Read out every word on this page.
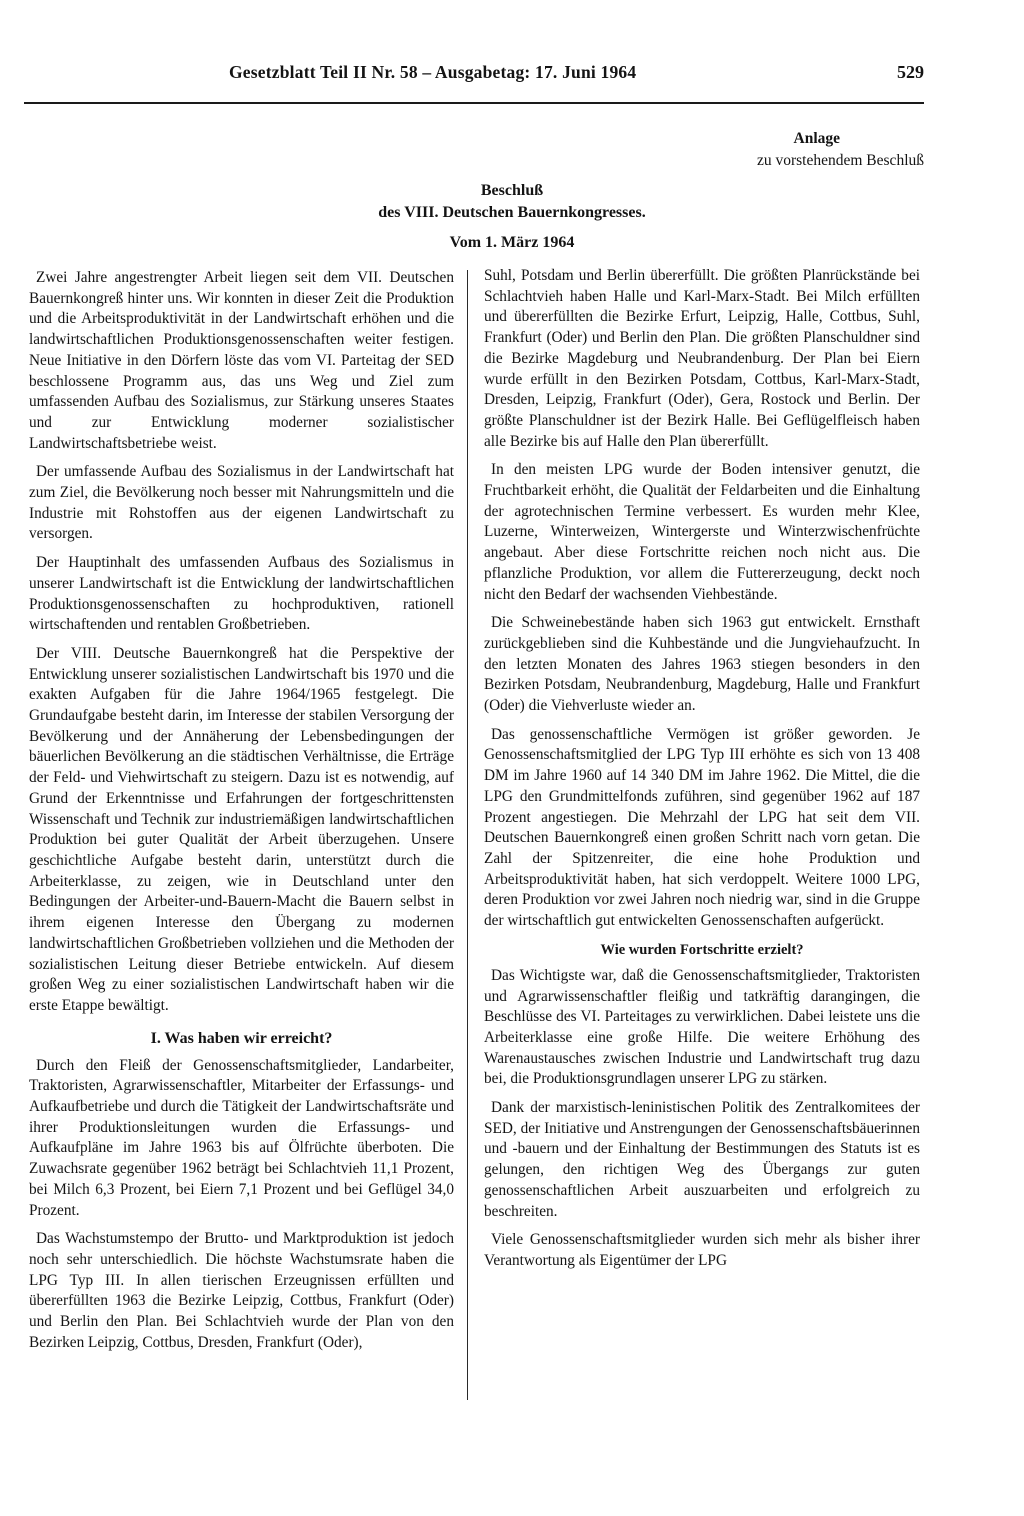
Gesetzblatt Teil II Nr. 58 – Ausgabetag: 17. Juni 1964	529
Anlage
zu vorstehendem Beschluß
Beschluß
des VIII. Deutschen Bauernkongresses.
Vom 1. März 1964

Zwei Jahre angestrengter Arbeit liegen seit dem VII. Deutschen Bauernkongreß hinter uns. Wir konnten in dieser Zeit die Produktion und die Arbeitsproduktivität in der Landwirtschaft erhöhen und die landwirtschaftlichen Produktionsgenossenschaften weiter festigen. Neue Initiative in den Dörfern löste das vom VI. Parteitag der SED beschlossene Programm aus, das uns Weg und Ziel zum umfassenden Aufbau des Sozialismus, zur Stärkung unseres Staates und zur Entwicklung moderner sozialistischer Landwirtschaftsbetriebe weist.

Der umfassende Aufbau des Sozialismus in der Landwirtschaft hat zum Ziel, die Bevölkerung noch besser mit Nahrungsmitteln und die Industrie mit Rohstoffen aus der eigenen Landwirtschaft zu versorgen.

Der Hauptinhalt des umfassenden Aufbaus des Sozialismus in unserer Landwirtschaft ist die Entwicklung der landwirtschaftlichen Produktionsgenossenschaften zu hochproduktiven, rationell wirtschaftenden und rentablen Großbetrieben.

Der VIII. Deutsche Bauernkongreß hat die Perspektive der Entwicklung unserer sozialistischen Landwirtschaft bis 1970 und die exakten Aufgaben für die Jahre 1964/1965 festgelegt. Die Grundaufgabe besteht darin, im Interesse der stabilen Versorgung der Bevölkerung und der Annäherung der Lebensbedingungen der bäuerlichen Bevölkerung an die städtischen Verhältnisse, die Erträge der Feld- und Viehwirtschaft zu steigern. Dazu ist es notwendig, auf Grund der Erkenntnisse und Erfahrungen der fortgeschrittensten Wissenschaft und Technik zur industriemäßigen landwirtschaftlichen Produktion bei guter Qualität der Arbeit überzugehen. Unsere geschichtliche Aufgabe besteht darin, unterstützt durch die Arbeiterklasse, zu zeigen, wie in Deutschland unter den Bedingungen der Arbeiter-und-Bauern-Macht die Bauern selbst in ihrem eigenen Interesse den Übergang zu modernen landwirtschaftlichen Großbetrieben vollziehen und die Methoden der sozialistischen Leitung dieser Betriebe entwickeln. Auf diesem großen Weg zu einer sozialistischen Landwirtschaft haben wir die erste Etappe bewältigt.

I. Was haben wir erreicht?

Durch den Fleiß der Genossenschaftsmitglieder, Landarbeiter, Traktoristen, Agrarwissenschaftler, Mitarbeiter der Erfassungs- und Aufkaufbetriebe und durch die Tätigkeit der Landwirtschaftsräte und ihrer Produktionsleitungen wurden die Erfassungs- und Aufkaufpläne im Jahre 1963 bis auf Ölfrüchte überboten. Die Zuwachsrate gegenüber 1962 beträgt bei Schlachtvieh 11,1 Prozent, bei Milch 6,3 Prozent, bei Eiern 7,1 Prozent und bei Geflügel 34,0 Prozent.

Das Wachstumstempo der Brutto- und Marktproduktion ist jedoch noch sehr unterschiedlich. Die höchste Wachstumsrate haben die LPG Typ III. In allen tierischen Erzeugnissen erfüllten und übererfüllten 1963 die Bezirke Leipzig, Cottbus, Frankfurt (Oder) und Berlin den Plan. Bei Schlachtvieh wurde der Plan von den Bezirken Leipzig, Cottbus, Dresden, Frankfurt (Oder),

Suhl, Potsdam und Berlin übererfüllt. Die größten Planrückstände bei Schlachtvieh haben Halle und Karl-Marx-Stadt. Bei Milch erfüllten und übererfüllten die Bezirke Erfurt, Leipzig, Halle, Cottbus, Suhl, Frankfurt (Oder) und Berlin den Plan. Die größten Planschuldner sind die Bezirke Magdeburg und Neubrandenburg. Der Plan bei Eiern wurde erfüllt in den Bezirken Potsdam, Cottbus, Karl-Marx-Stadt, Dresden, Leipzig, Frankfurt (Oder), Gera, Rostock und Berlin. Der größte Planschuldner ist der Bezirk Halle. Bei Geflügelfleisch haben alle Bezirke bis auf Halle den Plan übererfüllt.

In den meisten LPG wurde der Boden intensiver genutzt, die Fruchtbarkeit erhöht, die Qualität der Feldarbeiten und die Einhaltung der agrotechnischen Termine verbessert. Es wurden mehr Klee, Luzerne, Winterweizen, Wintergerste und Winterzwischenfrüchte angebaut. Aber diese Fortschritte reichen noch nicht aus. Die pflanzliche Produktion, vor allem die Futtererzeugung, deckt noch nicht den Bedarf der wachsenden Viehbestände.

Die Schweinebestände haben sich 1963 gut entwickelt. Ernsthaft zurückgeblieben sind die Kuhbestände und die Jungviehaufzucht. In den letzten Monaten des Jahres 1963 stiegen besonders in den Bezirken Potsdam, Neubrandenburg, Magdeburg, Halle und Frankfurt (Oder) die Viehverluste wieder an.

Das genossenschaftliche Vermögen ist größer geworden. Je Genossenschaftsmitglied der LPG Typ III erhöhte es sich von 13 408 DM im Jahre 1960 auf 14 340 DM im Jahre 1962. Die Mittel, die die LPG den Grundmittelfonds zuführen, sind gegenüber 1962 auf 187 Prozent angestiegen. Die Mehrzahl der LPG hat seit dem VII. Deutschen Bauernkongreß einen großen Schritt nach vorn getan. Die Zahl der Spitzenreiter, die eine hohe Produktion und Arbeitsproduktivität haben, hat sich verdoppelt. Weitere 1000 LPG, deren Produktion vor zwei Jahren noch niedrig war, sind in die Gruppe der wirtschaftlich gut entwickelten Genossenschaften aufgerückt.

Wie wurden Fortschritte erzielt?

Das Wichtigste war, daß die Genossenschaftsmitglieder, Traktoristen und Agrarwissenschaftler fleißig und tatkräftig darangingen, die Beschlüsse des VI. Parteitages zu verwirklichen. Dabei leistete uns die Arbeiterklasse eine große Hilfe. Die weitere Erhöhung des Warenaustausches zwischen Industrie und Landwirtschaft trug dazu bei, die Produktionsgrundlagen unserer LPG zu stärken.

Dank der marxistisch-leninistischen Politik des Zentralkomitees der SED, der Initiative und Anstrengungen der Genossenschaftsbäuerinnen und -bauern und der Einhaltung der Bestimmungen des Statuts ist es gelungen, den richtigen Weg des Übergangs zur guten genossenschaftlichen Arbeit auszuarbeiten und erfolgreich zu beschreiten.

Viele Genossenschaftsmitglieder wurden sich mehr als bisher ihrer Verantwortung als Eigentümer der LPG
